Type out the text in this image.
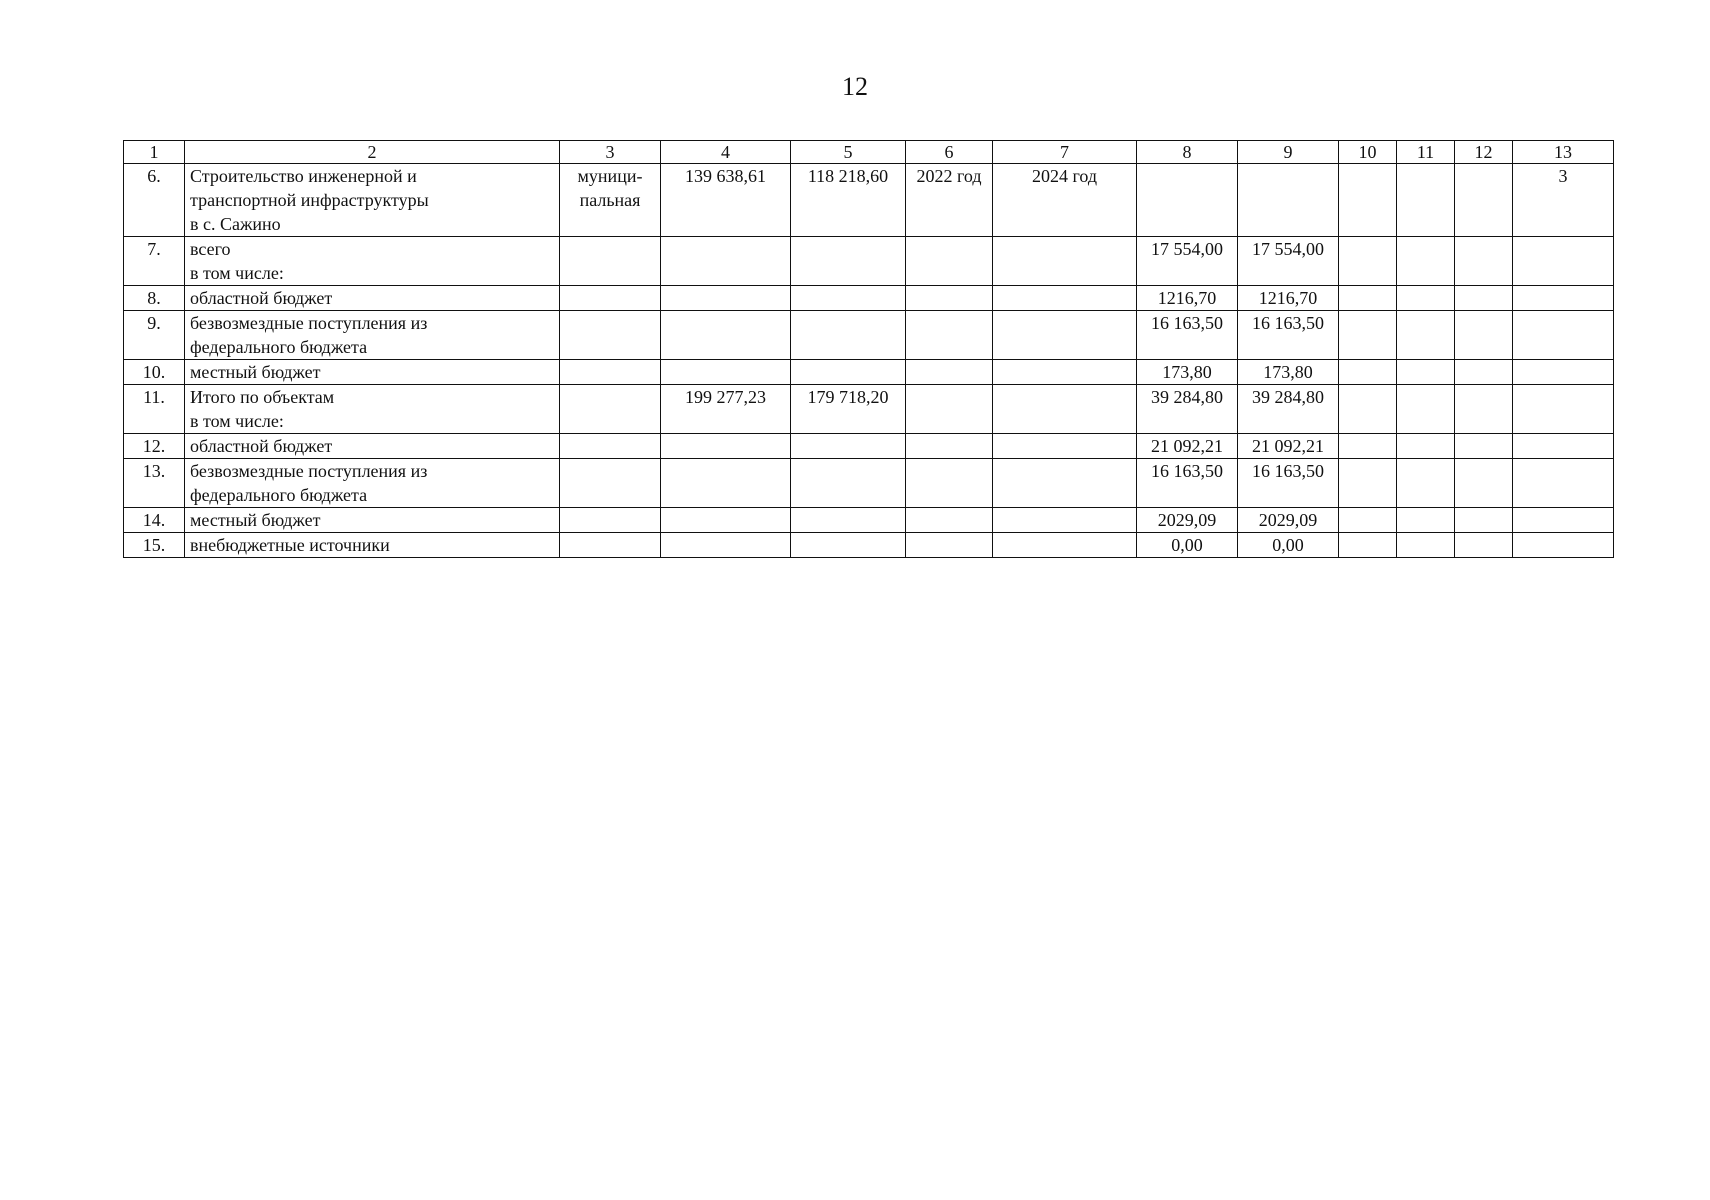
12
1	2	3	4	5	6	7	8	9	10	11	12	13
6.	Строительство инженерной и
транспортной инфраструктуры
в с. Сажино	муници-
пальная	139 638,61	118 218,60	2022 год	2024 год						3
7.	всего
в том числе:						17 554,00	17 554,00				
8.	областной бюджет						1216,70	1216,70				
9.	безвозмездные поступления из
федерального бюджета						16 163,50	16 163,50				
10.	местный бюджет						173,80	173,80				
11.	Итого по объектам
в том числе:		199 277,23	179 718,20			39 284,80	39 284,80				
12.	областной бюджет						21 092,21	21 092,21				
13.	безвозмездные поступления из
федерального бюджета						16 163,50	16 163,50				
14.	местный бюджет						2029,09	2029,09				
15.	внебюджетные источники						0,00	0,00				
